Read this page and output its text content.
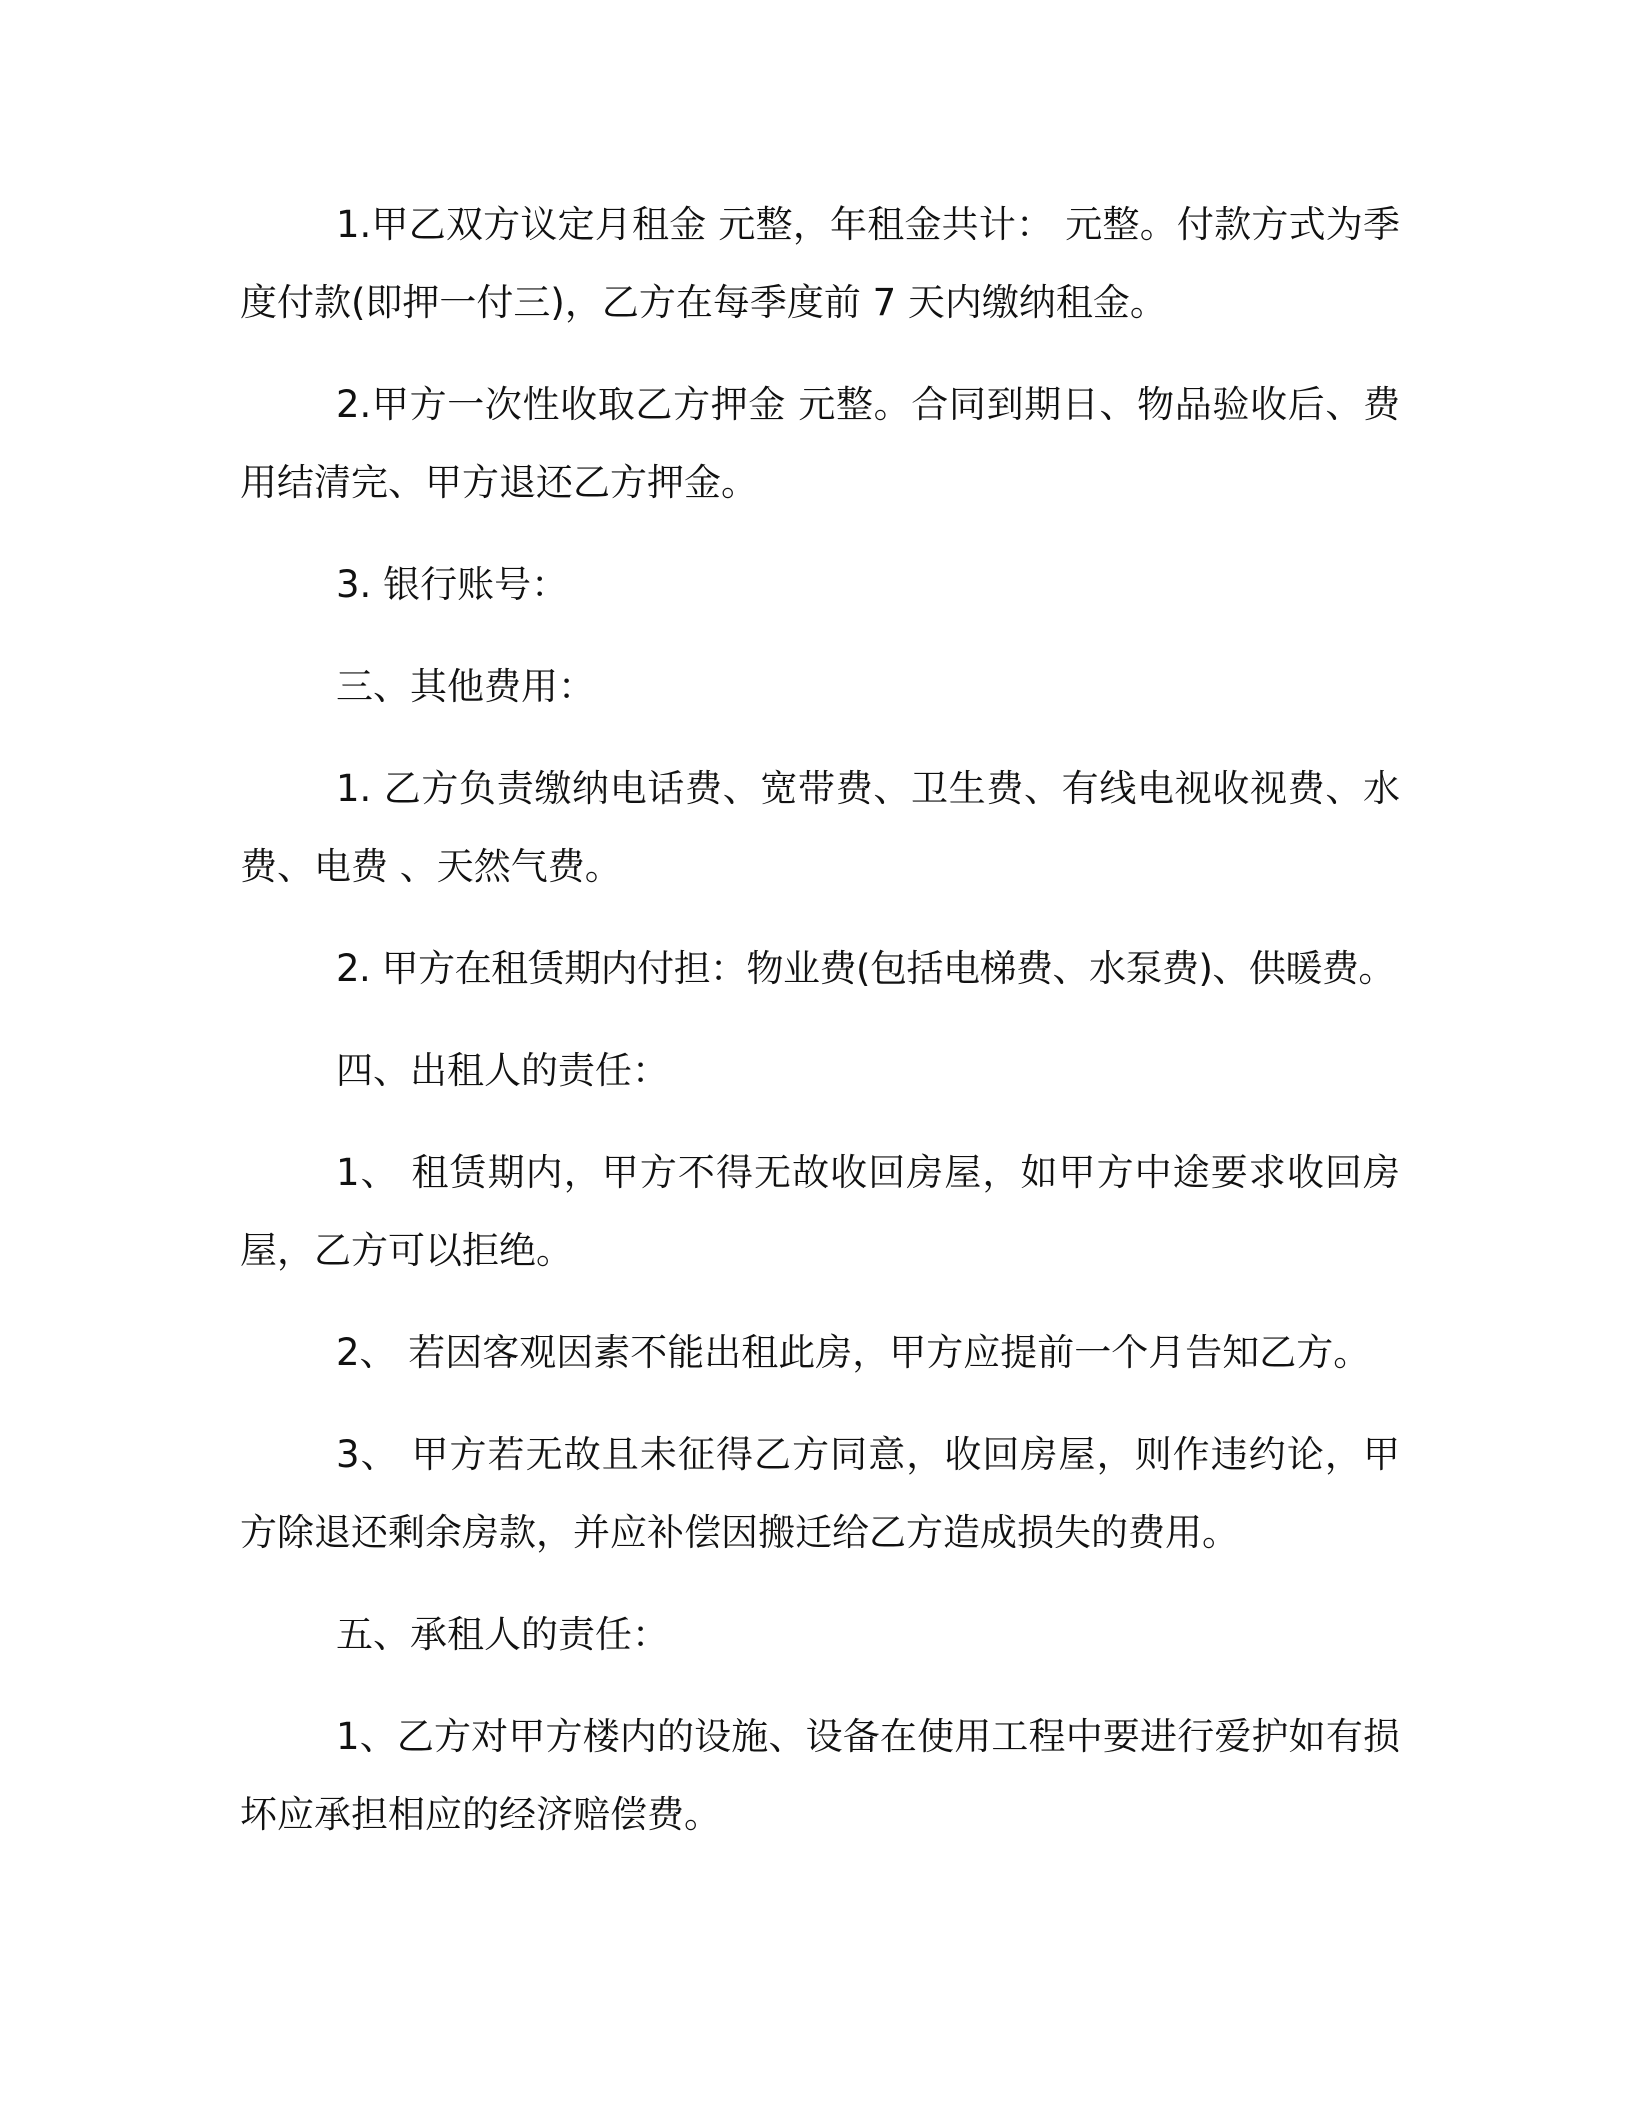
1.甲乙双方议定月租金 元整，年租金共计： 元整。付款方式为季度付款(即押一付三)，乙方在每季度前 7 天内缴纳租金。

2.甲方一次性收取乙方押金 元整。合同到期日、物品验收后、费用结清完、甲方退还乙方押金。

3. 银行账号：

三、其他费用：

1. 乙方负责缴纳电话费、宽带费、卫生费、有线电视收视费、水费、电费 、天然气费。

2. 甲方在租赁期内付担：物业费(包括电梯费、水泵费)、供暖费。

四、出租人的责任：

1、 租赁期内，甲方不得无故收回房屋，如甲方中途要求收回房屋，乙方可以拒绝。

2、 若因客观因素不能出租此房，甲方应提前一个月告知乙方。

3、 甲方若无故且未征得乙方同意，收回房屋，则作违约论，甲方除退还剩余房款，并应补偿因搬迁给乙方造成损失的费用。

五、承租人的责任：

1、乙方对甲方楼内的设施、设备在使用工程中要进行爱护如有损坏应承担相应的经济赔偿费。
